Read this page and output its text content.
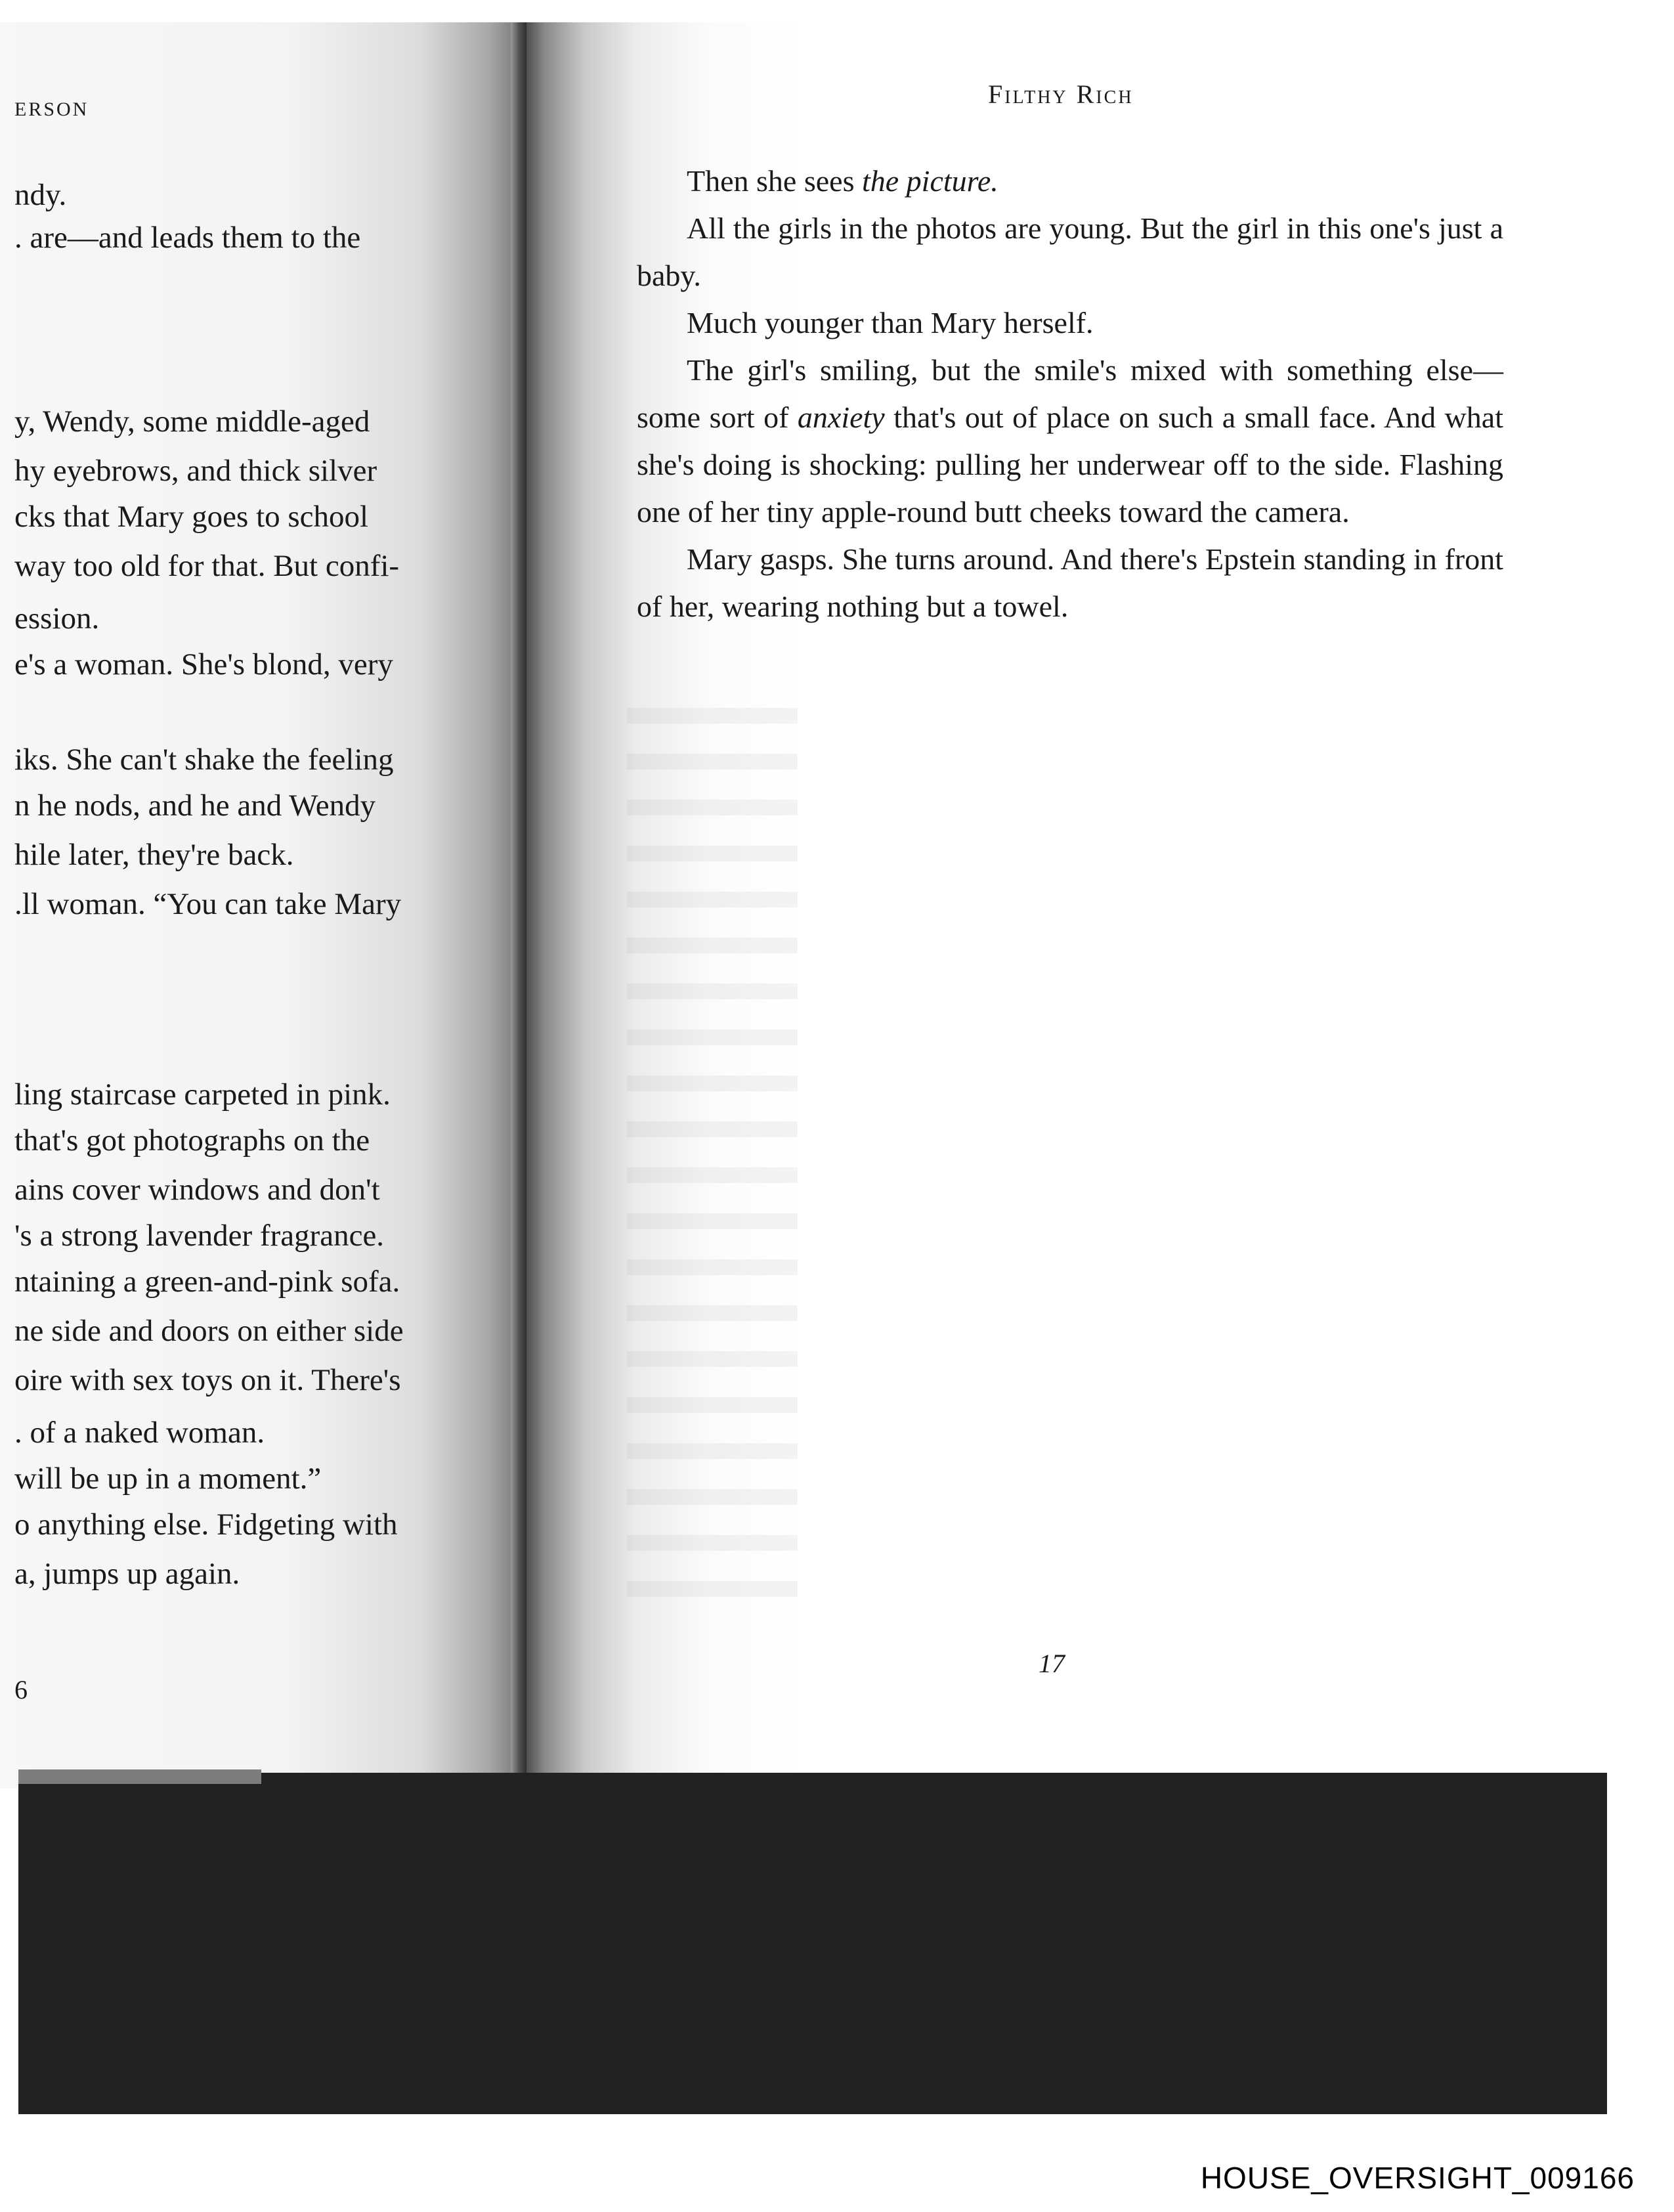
ERSON
ndy.
. are—and leads them to the
y, Wendy, some middle-aged
hy eyebrows, and thick silver
cks that Mary goes to school
way too old for that. But confi-
ession.
e's a woman. She's blond, very
iks. She can't shake the feeling
n he nods, and he and Wendy
hile later, they're back.
.ll woman. “You can take Mary
ling staircase carpeted in pink.
that's got photographs on the
ains cover windows and don't
's a strong lavender fragrance.
ntaining a green-and-pink sofa.
ne side and doors on either side
oire with sex toys on it. There's
. of a naked woman.
will be up in a moment.”
o anything else. Fidgeting with
a, jumps up again.
6
Filthy Rich

Then she sees the picture.

All the girls in the photos are young. But the girl in this one's just a baby.

Much younger than Mary herself.

The girl's smiling, but the smile's mixed with something else—some sort of anxiety that's out of place on such a small face. And what she's doing is shocking: pulling her underwear off to the side. Flashing one of her tiny apple-round butt cheeks toward the camera.

Mary gasps. She turns around. And there's Epstein standing in front of her, wearing nothing but a towel.

17
HOUSE_OVERSIGHT_009166
